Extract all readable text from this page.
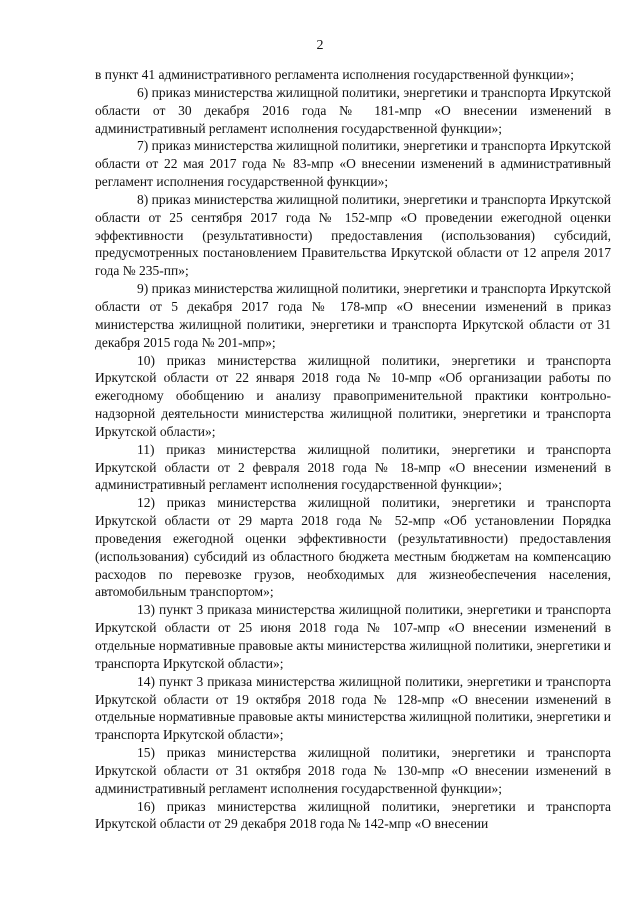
2

в пункт 41 административного регламента исполнения государственной функции»;

6) приказ министерства жилищной политики, энергетики и транспорта Иркутской области от 30 декабря 2016 года № 181-мпр «О внесении изменений в административный регламент исполнения государственной функции»;

7) приказ министерства жилищной политики, энергетики и транспорта Иркутской области от 22 мая 2017 года № 83-мпр «О внесении изменений в административный регламент исполнения государственной функции»;

8) приказ министерства жилищной политики, энергетики и транспорта Иркутской области от 25 сентября 2017 года № 152-мпр «О проведении ежегодной оценки эффективности (результативности) предоставления (использования) субсидий, предусмотренных постановлением Правительства Иркутской области от 12 апреля 2017 года № 235-пп»;

9) приказ министерства жилищной политики, энергетики и транспорта Иркутской области от 5 декабря 2017 года № 178-мпр «О внесении изменений в приказ министерства жилищной политики, энергетики и транспорта Иркутской области от 31 декабря 2015 года № 201-мпр»;

10) приказ министерства жилищной политики, энергетики и транспорта Иркутской области от 22 января 2018 года № 10-мпр «Об организации работы по ежегодному обобщению и анализу правоприменительной практики контрольно-надзорной деятельности министерства жилищной политики, энергетики и транспорта Иркутской области»;

11) приказ министерства жилищной политики, энергетики и транспорта Иркутской области от 2 февраля 2018 года № 18-мпр «О внесении изменений в административный регламент исполнения государственной функции»;

12) приказ министерства жилищной политики, энергетики и транспорта Иркутской области от 29 марта 2018 года № 52-мпр «Об установлении Порядка проведения ежегодной оценки эффективности (результативности) предоставления (использования) субсидий из областного бюджета местным бюджетам на компенсацию расходов по перевозке грузов, необходимых для жизнеобеспечения населения, автомобильным транспортом»;

13) пункт 3 приказа министерства жилищной политики, энергетики и транспорта Иркутской области от 25 июня 2018 года № 107-мпр «О внесении изменений в отдельные нормативные правовые акты министерства жилищной политики, энергетики и транспорта Иркутской области»;

14) пункт 3 приказа министерства жилищной политики, энергетики и транспорта Иркутской области от 19 октября 2018 года № 128-мпр «О внесении изменений в отдельные нормативные правовые акты министерства жилищной политики, энергетики и транспорта Иркутской области»;

15) приказ министерства жилищной политики, энергетики и транспорта Иркутской области от 31 октября 2018 года № 130-мпр «О внесении изменений в административный регламент исполнения государственной функции»;

16) приказ министерства жилищной политики, энергетики и транспорта Иркутской области от 29 декабря 2018 года № 142-мпр «О внесении
